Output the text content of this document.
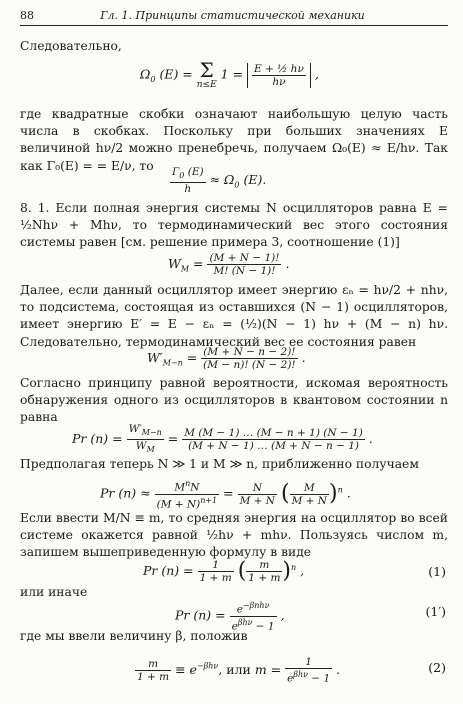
88	Гл. 1. Принципы статистической механики

Следовательно,

$\Omega_0$ (E) = Σ
n≤E
$1 = \frac{\text{E + ½ hν}}{h\nu}$ ,

где квадратные скобки означают наибольшую целую часть числа в скобках. Поскольку при больших значениях E величиной hν/2 можно пренебречь, получаем Ω₀(E) ≈ E/hν. Так как Γ₀(E) = = E/ν, то

$\frac{\Gamma_0 (E)}{h} \approx \Omega_0$ (E).

8. 1. Если полная энергия системы N осцилляторов равна E = ½Nhν + Mhν, то термодинамический вес этого состояния системы равен [см. решение примера 3, соотношение (1)]

$W_M = \frac{(M + N - 1)!}{M! (N - 1)!}$ .

Далее, если данный осциллятор имеет энергию εₙ = hν/2 + nhν, то подсистема, состоящая из оставшихся (N − 1) осцилляторов, имеет энергию E′ = E − εₙ = (½)(N − 1) hν + (M − n) hν. Следовательно, термодинамический вес ее состояния равен

$W'_{M-n} = \frac{(M + N - n - 2)!}{(M - n)! (N - 2)!}$ .

Согласно принципу равной вероятности, искомая вероятность обнаружения одного из осцилляторов в квантовом состоянии n равна

Pr $(n) = \frac{W'_{M-n}}{W_M} = \frac{M (M - 1) \dots (M - n + 1) (N - 1)}{(M + N - 1) \dots (M + N - n - 1)}$ .

Предполагая теперь N ≫ 1 и M ≫ n, приближенно получаем

Pr (n) ≈	$M^nN$
$(M + N)^{n+1} = \frac{N}{M + N}$ ( $\frac{M}{M + N} )^n$ .

Если ввести M/N ≡ m, то средняя энергия на осциллятор во всей системе окажется равной ½hν + mhν. Пользуясь числом m, запишем вышеприведенную формулу в виде

Pr $(n) = \frac{1}{1 + m}$ ( $\frac{m}{1 + m} )^n$ ,	(1)

или иначе

Pr $(n) = e^{-\beta nh\nu}$
$e^{\beta h\nu} - 1$
,	(1′)

где мы ввели величину β, положив

$\frac{m}{1 + m} \equiv e^{-\beta h\nu}$, или m =	1
$e^{\beta h\nu} - 1$
.	(2)
